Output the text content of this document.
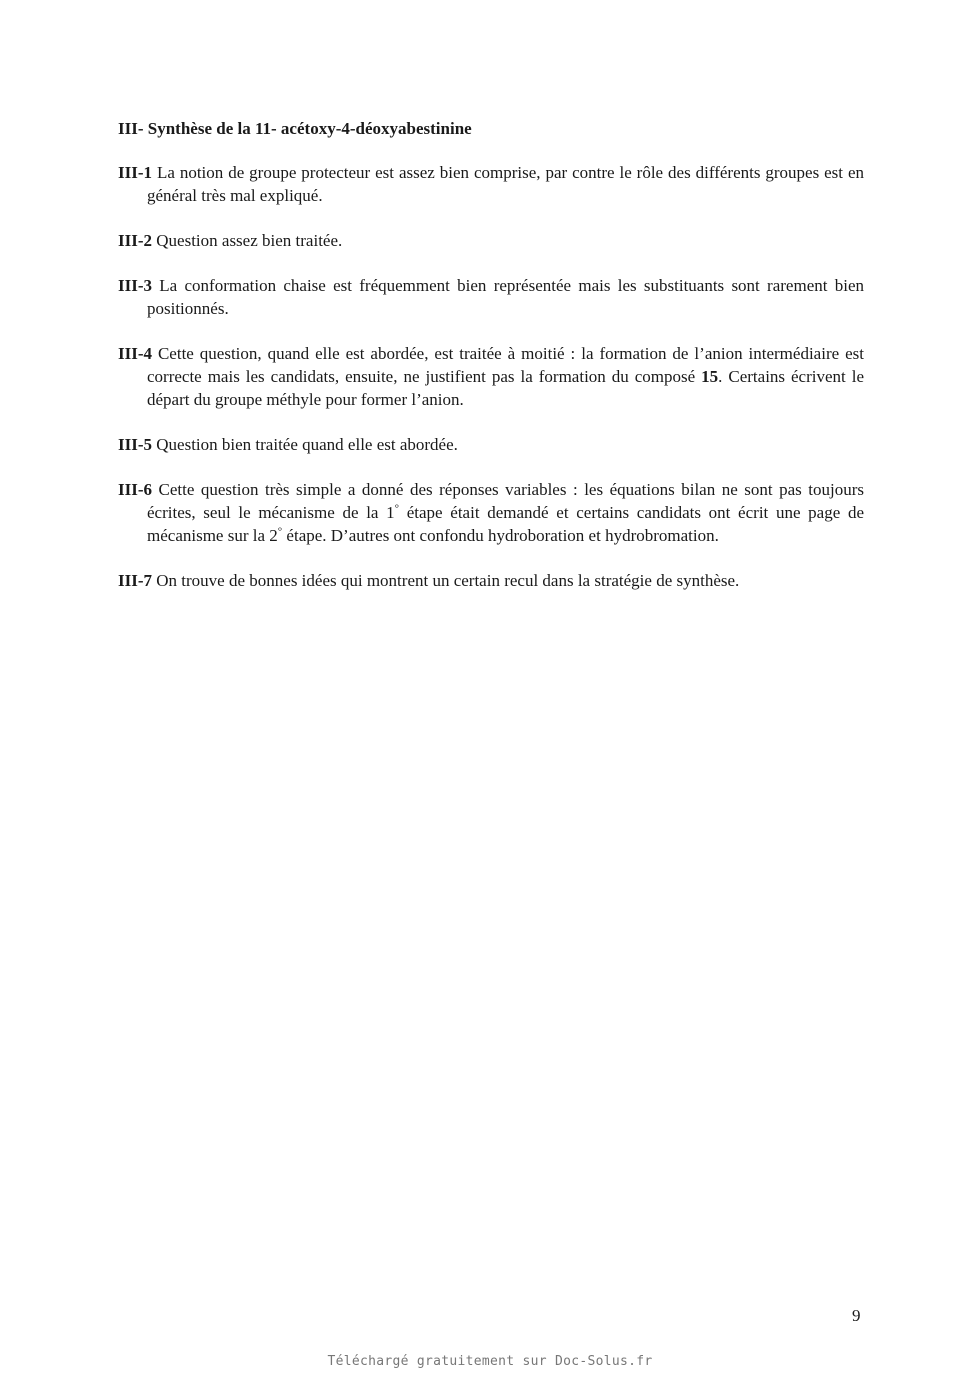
III- Synthèse de la 11- acétoxy-4-déoxyabestinine

III-1 La notion de groupe protecteur est assez bien comprise, par contre le rôle des différents groupes est en général très mal expliqué.

III-2 Question assez bien traitée.

III-3 La conformation chaise est fréquemment bien représentée mais les substituants sont rarement bien positionnés.

III-4 Cette question, quand elle est abordée, est traitée à moitié : la formation de l’anion intermédiaire est correcte mais les candidats, ensuite, ne justifient pas la formation du composé 15. Certains écrivent le départ du groupe méthyle pour former l’anion.

III-5 Question bien traitée quand elle est abordée.

III-6 Cette question très simple a donné des réponses variables : les équations bilan ne sont pas toujours écrites, seul le mécanisme de la 1° étape était demandé et certains candidats ont écrit une page de mécanisme sur la 2° étape. D’autres ont confondu hydroboration et hydrobromation.

III-7 On trouve de bonnes idées qui montrent un certain recul dans la stratégie de synthèse.

9
Téléchargé gratuitement sur Doc-Solus.fr
